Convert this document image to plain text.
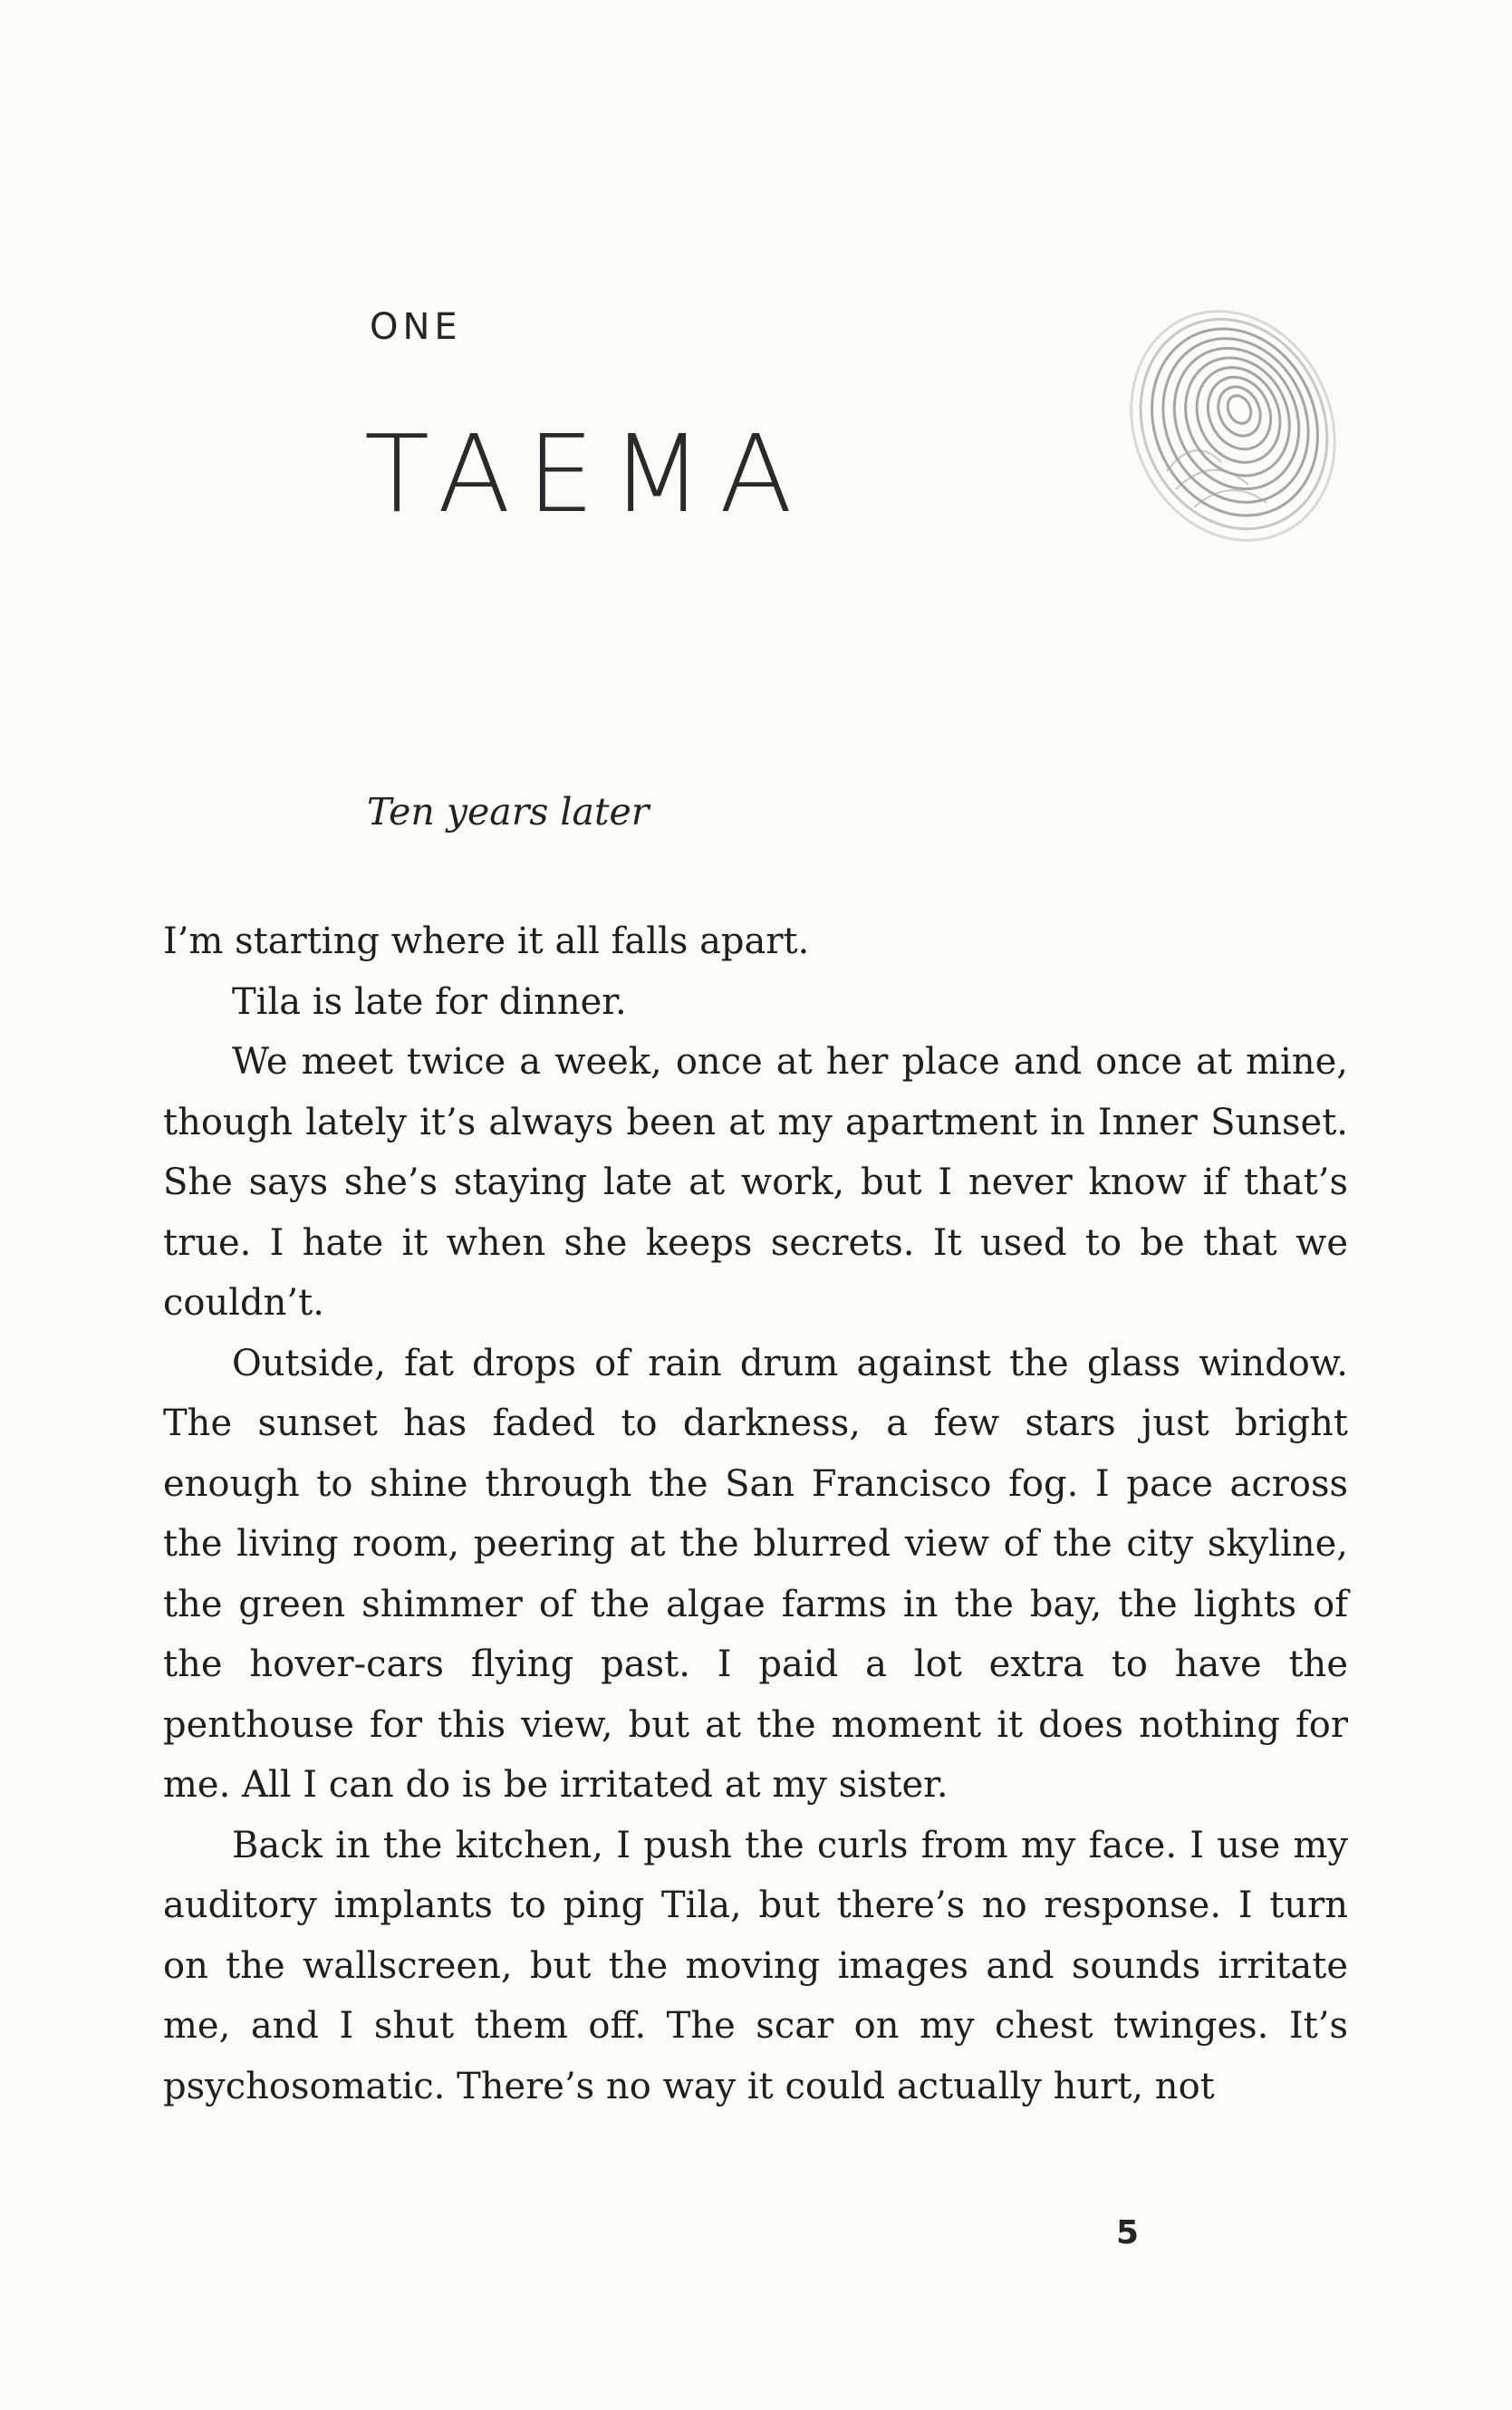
ONE
TAEMA

Ten years later

I’m starting where it all falls apart.

Tila is late for dinner.

We meet twice a week, once at her place and once at mine, though lately it’s always been at my apartment in Inner Sunset. She says she’s staying late at work, but I never know if that’s true. I hate it when she keeps secrets. It used to be that we couldn’t.

Outside, fat drops of rain drum against the glass window. The sunset has faded to darkness, a few stars just bright enough to shine through the San Francisco fog. I pace across the living room, peering at the blurred view of the city skyline, the green shimmer of the algae farms in the bay, the lights of the hover-cars flying past. I paid a lot extra to have the penthouse for this view, but at the moment it does nothing for me. All I can do is be irritated at my sister.

Back in the kitchen, I push the curls from my face. I use my auditory implants to ping Tila, but there’s no response. I turn on the wallscreen, but the moving images and sounds irritate me, and I shut them off. The scar on my chest twinges. It’s psychosomatic. There’s no way it could actually hurt, not

5
